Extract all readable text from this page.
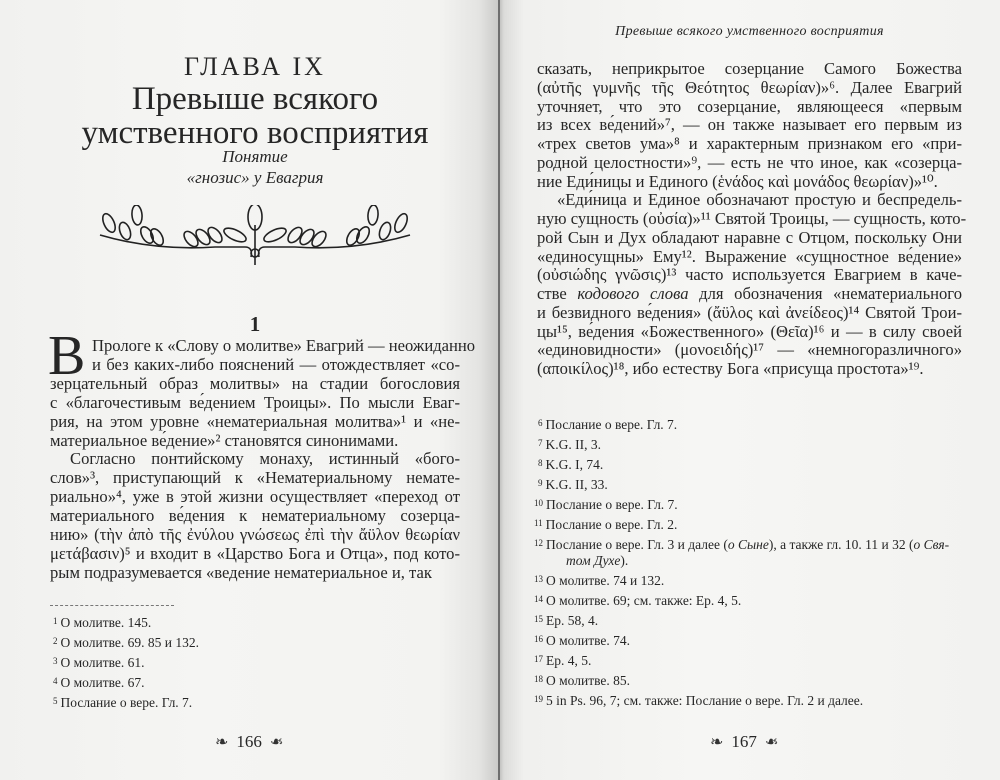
ГЛАВА IX
Превыше всякого
умственного восприятия
Понятие
«гнозис» у Евагрия
1
В Прологе к «Слову о молитве» Евагрий — неожиданно
и без каких-либо пояснений — отождествляет «со-
зерцательный образ молитвы» на стадии богословия
с «благочестивым ве́дением Троицы». По мысли Еваг-
рия, на этом уровне «нематериальная молитва»¹ и «не-
материальное ве́дение»² становятся синонимами.
Согласно понтийскому монаху, истинный «бого-
слов»³, приступающий к «Нематериальному немате-
риально»⁴, уже в этой жизни осуществляет «переход от
материального ве́дения к нематериальному созерца-
нию» (τὴν ἀπὸ τῆς ἐνύλου γνώσεως ἐπὶ τὴν ἄϋλον θεωρίαν
μετάβασιν)⁵ и входит в «Царство Бога и Отца», под кото-
рым подразумевается «ведение нематериальное и, так
$^1$ О молитве. 145.
$^2$ О молитве. 69. 85 и 132.
$^3$ О молитве. 61.
$^4$ О молитве. 67.
$^5$ Послание о вере. Гл. 7.
❧ 166 ❧
Превыше всякого умственного восприятия
сказать, неприкрытое созерцание Самого Божества
(αὐτῆς γυμνῆς τῆς Θεότητος θεωρίαν)»⁶. Далее Евагрий
уточняет, что это созерцание, являющееся «первым
из всех ве́дений»⁷, — он также называет его первым из
«трех светов ума»⁸ и характерным признаком его «при-
родной целостности»⁹, — есть не что иное, как «созерца-
ние Еди́ницы и Единого (ἑνάδος καὶ μονάδος θεωρίαν)»¹⁰.
«Еди́ница и Единое обозначают простую и беспредель-
ную сущность (οὐσία)»¹¹ Святой Троицы, — сущность, кото-
рой Сын и Дух обладают наравне с Отцом, поскольку Они
«единосущны» Ему¹². Выражение «сущностное ве́дение»
(οὐσιώδης γνῶσις)¹³ часто используется Евагрием в каче-
стве кодового слова для обозначения «нематериального
и безвидного ве́дения» (ἄϋλος καὶ ἀνείδεος)¹⁴ Святой Трои-
цы¹⁵, ве́дения «Божественного» (Θεῖα)¹⁶ и — в силу своей
«единовидности» (μονοειδής)¹⁷ — «немногоразличного»
(αποικίλος)¹⁸, ибо естеству Бога «присуща простота»¹⁹.
$^6$ Послание о вере. Гл. 7.
$^7$ K.G. II, 3.
$^8$ K.G. I, 74.
$^9$ K.G. II, 33.
$^{10}$ Послание о вере. Гл. 7.
$^{11}$ Послание о вере. Гл. 2.
$^{12}$ Послание о вере. Гл. 3 и далее (о Сыне), а также гл. 10. 11 и 32 (о Свя-
том Духе).
$^{13}$ О молитве. 74 и 132.
$^{14}$ О молитве. 69; см. также: Ep. 4, 5.
$^{15}$ Ep. 58, 4.
$^{16}$ О молитве. 74.
$^{17}$ Ep. 4, 5.
$^{18}$ О молитве. 85.
$^{19}$ 5 in Ps. 96, 7; см. также: Послание о вере. Гл. 2 и далее.
❧ 167 ❧
